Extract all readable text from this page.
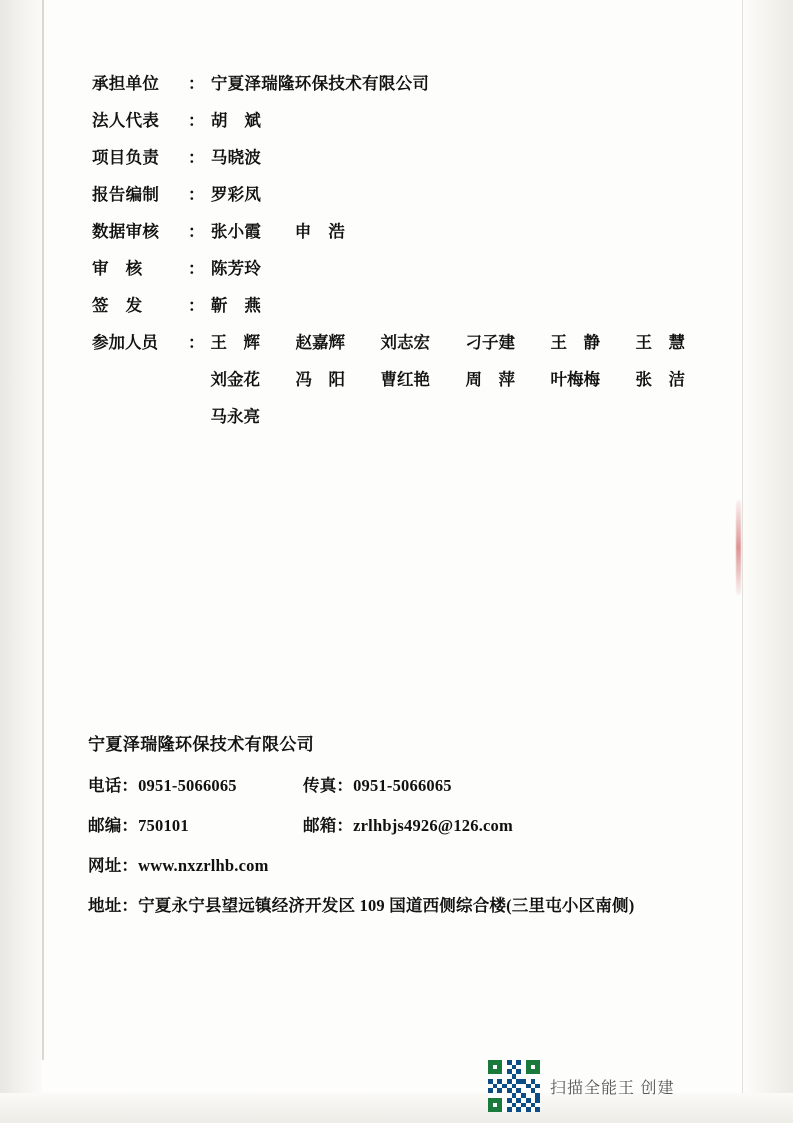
承担单位	： 宁夏泽瑞隆环保技术有限公司
法人代表	： 胡　斌
项目负责	： 马晓波
报告编制	： 罗彩凤
数据审核	： 张小霞　　申　浩
审　核	： 陈芳玲
签　发	： 靳　燕
参加人员	： 王　辉	赵嘉辉	刘志宏	刁子建	王　静	王　慧
刘金花	冯　阳	曹红艳	周　萍	叶梅梅	张　洁
马永亮
宁夏泽瑞隆环保技术有限公司
电话：0951-5066065	传真：0951-5066065
邮编：750101	邮箱：zrlhbjs4926@126.com
网址：www.nxzrlhb.com
地址：宁夏永宁县望远镇经济开发区 109 国道西侧综合楼(三里屯小区南侧)
扫描全能王 创建
